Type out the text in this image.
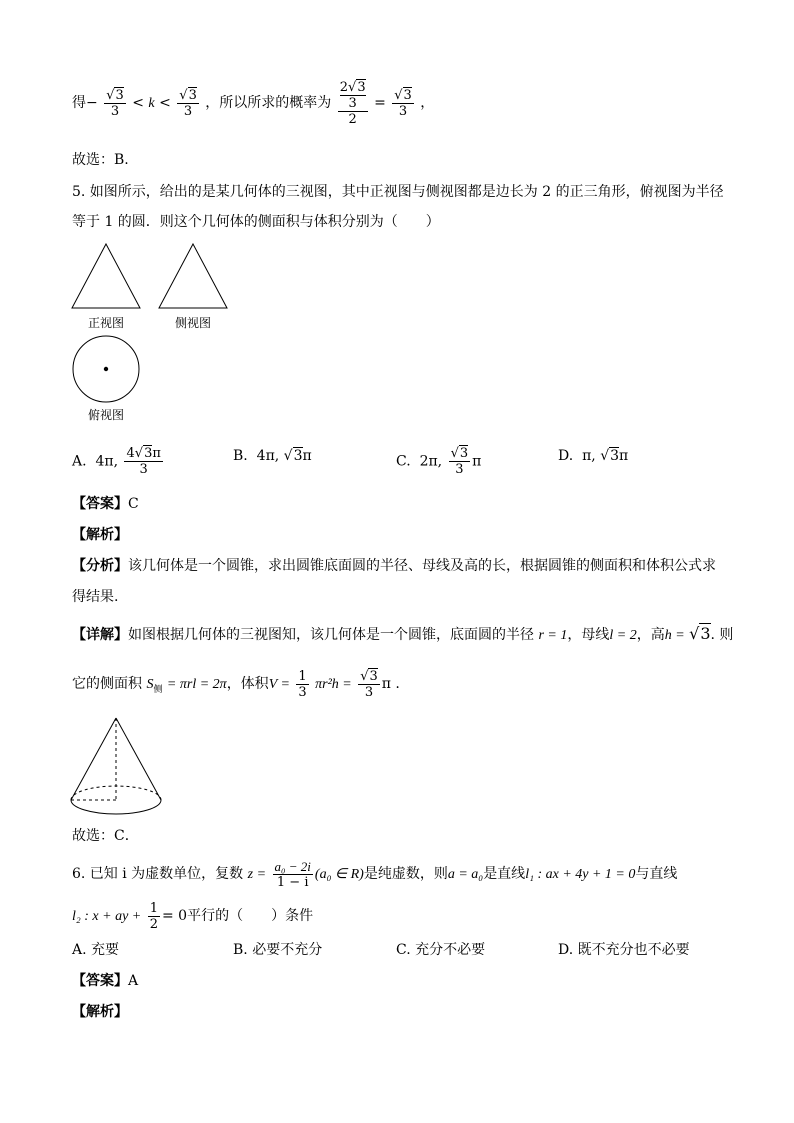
得− $\frac{√3}{3} < k < \frac{√3}{3}$ ，所以所求的概率为 2√3
3
$2 = \frac{√3}{3}$ ，
故选：B.
5. 如图所示，给出的是某几何体的三视图，其中正视图与侧视图都是边长为 2 的正三角形，俯视图为半径
等于 1 的圆．则这个几何体的侧面积与体积分别为（　　）
正视图	侧视图
俯视图
A. 4π, $\frac{4√3\pi}{3}$	B. 4π, √3π	C. 2π, $\frac{√3}{3}$ π	D. π, √3π
【答案】C
【解析】
【分析】该几何体是一个圆锥，求出圆锥底面圆的半径、母线及高的长，根据圆锥的侧面积和体积公式求
得结果.
【详解】如图根据几何体的三视图知，该几何体是一个圆锥，底面圆的半径 r = 1，母线l = 2，高h = √3. 则
它的侧面积 $S_侧 = \pi rl = 2\pi$，体积$V = \frac{1}{3} \pi r^2h = \frac{√3}{3}$ π .
故选：C．
6. 已知 i 为虚数单位，复数 $z = \frac{\text{a₀ − 2i}}{1 - i} (a_0$ ∈ R)是纯虚数，则a = a₀是直线l₁ : ax + 4y + 1 = 0与直线
l₂ : x + ay + $\frac{1}{2} = 0$平行的（　　）条件
A. 充要	B. 必要不充分	C. 充分不必要	D. 既不充分也不必要
【答案】A
【解析】
